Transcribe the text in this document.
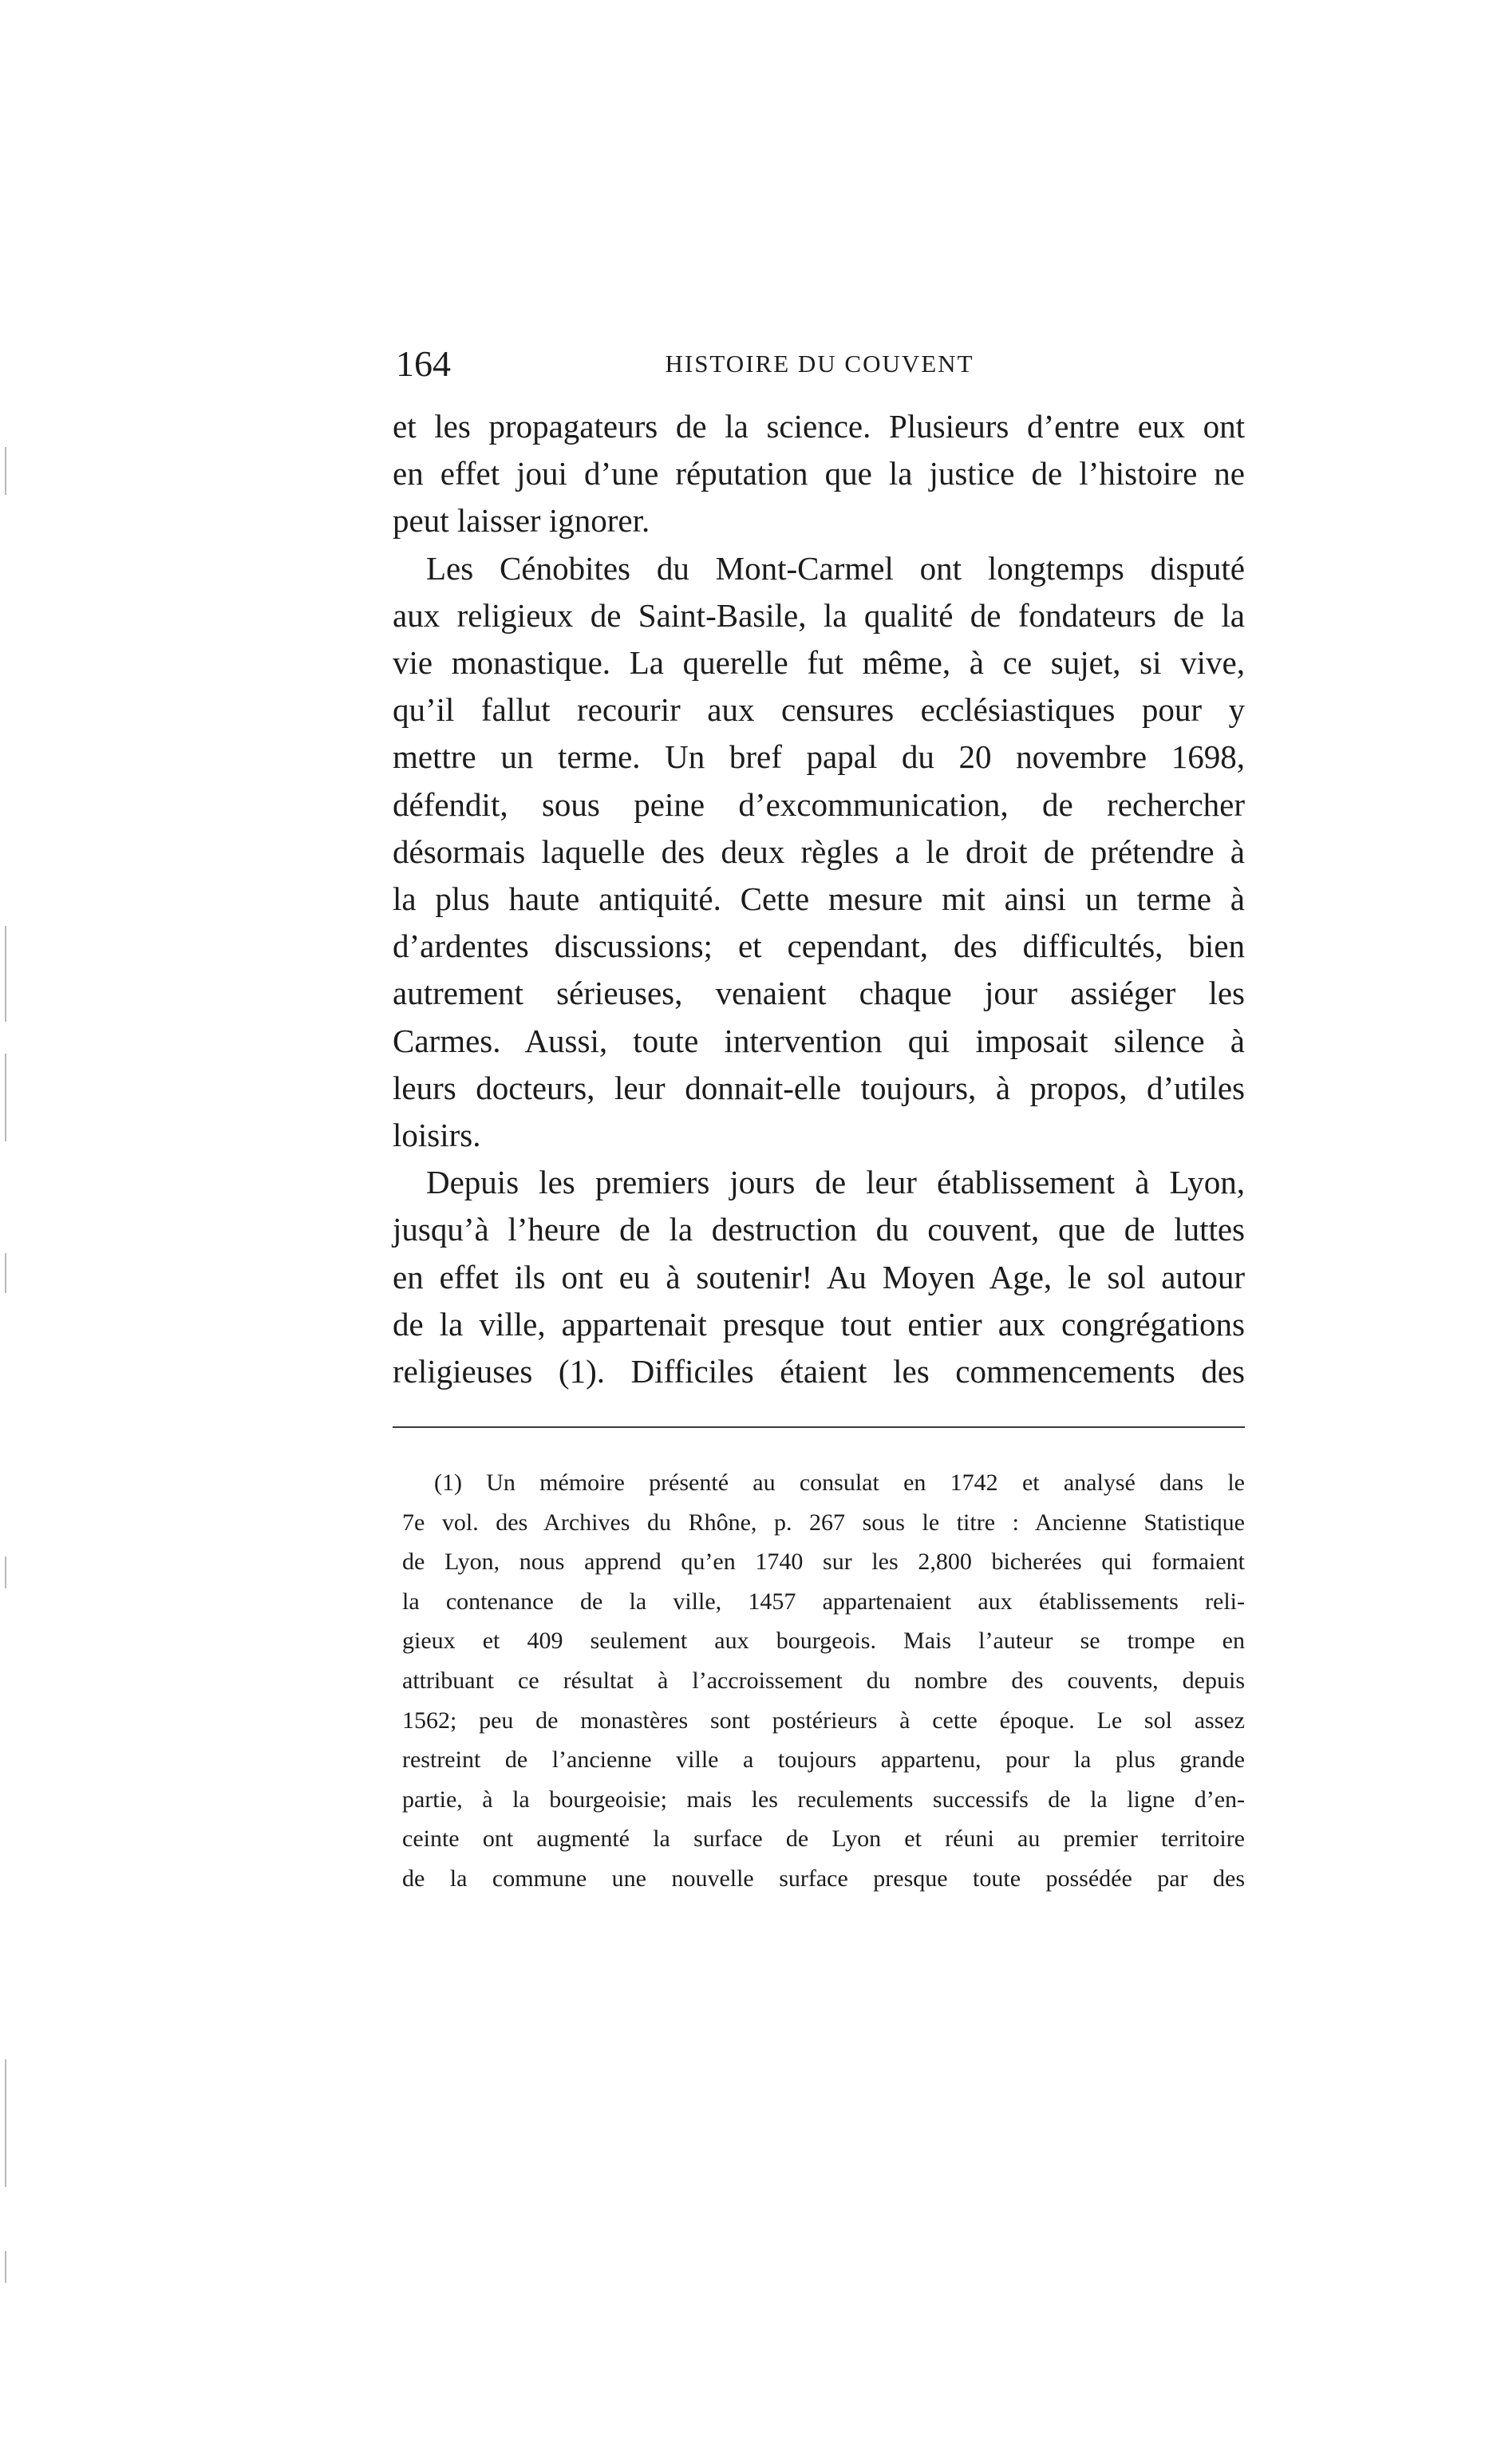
164	HISTOIRE DU COUVENT

et les propagateurs de la science. Plusieurs d’entre eux ont
en effet joui d’une réputation que la justice de l’histoire ne
peut laisser ignorer.

Les Cénobites du Mont-Carmel ont longtemps disputé
aux religieux de Saint-Basile, la qualité de fondateurs de la
vie monastique. La querelle fut même, à ce sujet, si vive,
qu’il fallut recourir aux censures ecclésiastiques pour y
mettre un terme. Un bref papal du 20 novembre 1698,
défendit, sous peine d’excommunication, de rechercher
désormais laquelle des deux règles a le droit de prétendre à
la plus haute antiquité. Cette mesure mit ainsi un terme à
d’ardentes discussions; et cependant, des difficultés, bien
autrement sérieuses, venaient chaque jour assiéger les
Carmes. Aussi, toute intervention qui imposait silence à
leurs docteurs, leur donnait-elle toujours, à propos, d’utiles
loisirs.

Depuis les premiers jours de leur établissement à Lyon,
jusqu’à l’heure de la destruction du couvent, que de luttes
en effet ils ont eu à soutenir! Au Moyen Age, le sol autour
de la ville, appartenait presque tout entier aux congrégations
religieuses (1). Difficiles étaient les commencements des

(1) Un mémoire présenté au consulat en 1742 et analysé dans le
7e vol. des Archives du Rhône, p. 267 sous le titre : Ancienne Statistique
de Lyon, nous apprend qu’en 1740 sur les 2,800 bicherées qui formaient
la contenance de la ville, 1457 appartenaient aux établissements reli-
gieux et 409 seulement aux bourgeois. Mais l’auteur se trompe en
attribuant ce résultat à l’accroissement du nombre des couvents, depuis
1562; peu de monastères sont postérieurs à cette époque. Le sol assez
restreint de l’ancienne ville a toujours appartenu, pour la plus grande
partie, à la bourgeoisie; mais les reculements successifs de la ligne d’en-
ceinte ont augmenté la surface de Lyon et réuni au premier territoire
de la commune une nouvelle surface presque toute possédée par des
